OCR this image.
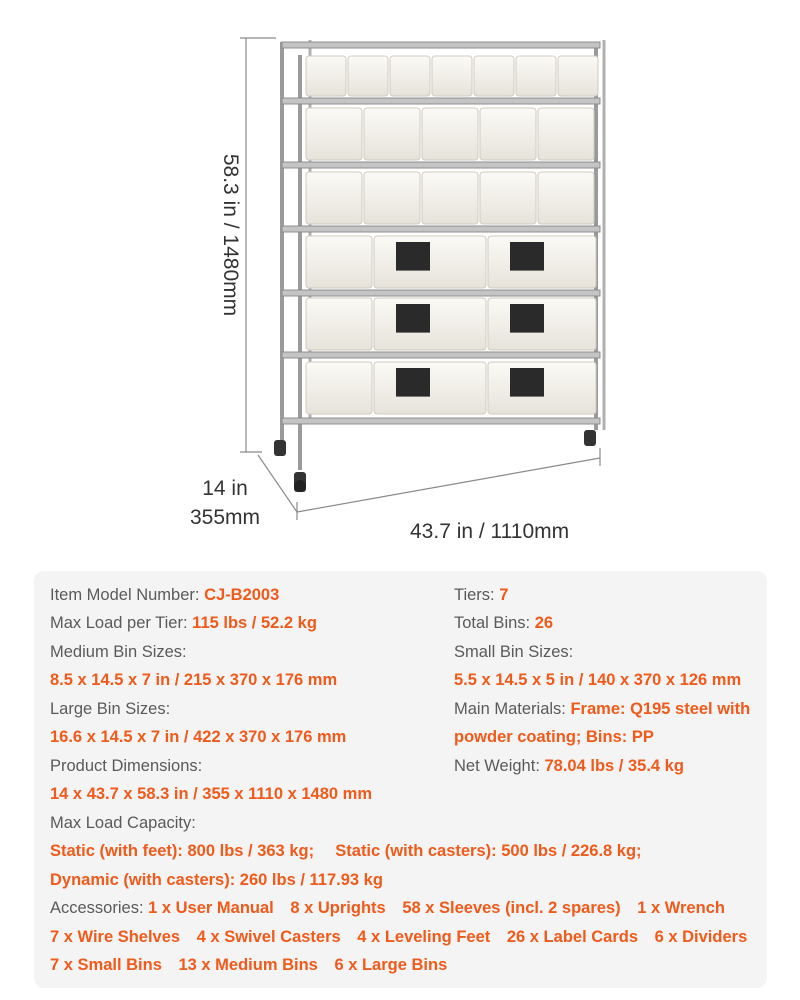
58.3 in / 1480mm
14 in
355mm
43.7 in / 1110mm
Item Model Number: CJ-B2003
Max Load per Tier: 115 lbs / 52.2 kg
Medium Bin Sizes:
8.5 x 14.5 x 7 in / 215 x 370 x 176 mm
Large Bin Sizes:
16.6 x 14.5 x 7 in / 422 x 370 x 176 mm
Product Dimensions:
14 x 43.7 x 58.3 in / 355 x 1110 x 1480 mm
Max Load Capacity:
Static (with feet): 800 lbs / 363 kg; Static (with casters): 500 lbs / 226.8 kg;
Dynamic (with casters): 260 lbs / 117.93 kg
Tiers: 7
Total Bins: 26
Small Bin Sizes:
5.5 x 14.5 x 5 in / 140 x 370 x 126 mm
Main Materials: Frame: Q195 steel with
powder coating; Bins: PP
Net Weight: 78.04 lbs / 35.4 kg
Accessories: 1 x User Manual 8 x Uprights 58 x Sleeves (incl. 2 spares) 1 x Wrench
7 x Wire Shelves 4 x Swivel Casters 4 x Leveling Feet 26 x Label Cards 6 x Dividers
7 x Small Bins 13 x Medium Bins 6 x Large Bins
